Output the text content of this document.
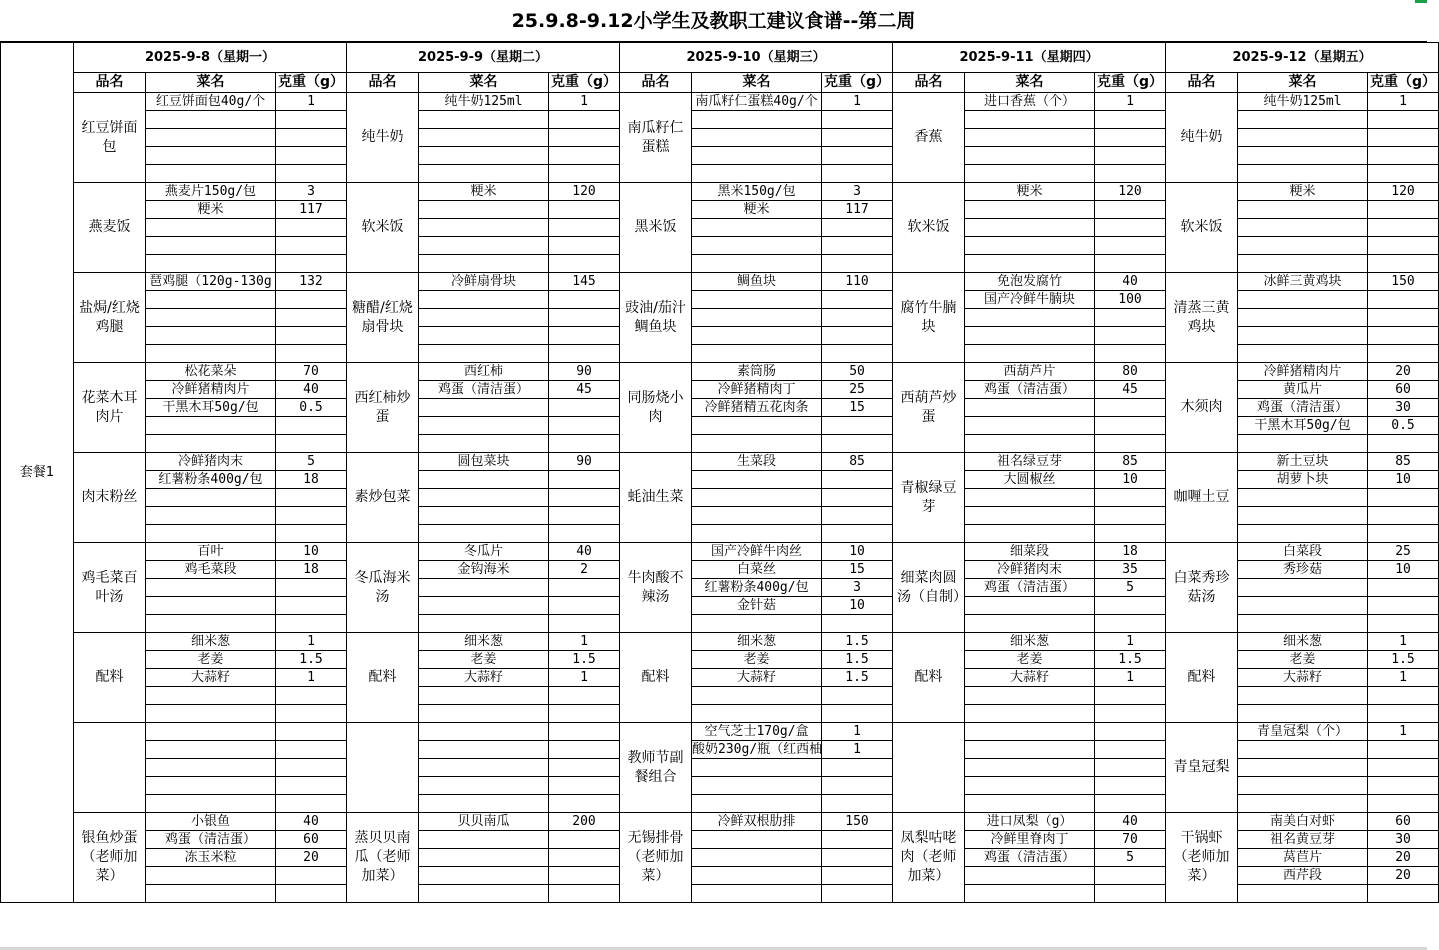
25.9.8-9.12小学生及教职工建议食谱--第二周
套餐1	2025-9-8（星期一）			2025-9-9（星期二）			2025-9-10（星期三）			2025-9-11（星期四）			2025-9-12（星期五）		
	品名	菜名	克重（g）	品名	菜名	克重（g）	品名	菜名	克重（g）	品名	菜名	克重（g）	品名	菜名	克重（g）
	红豆饼面包	红豆饼面包40g/个	1	纯牛奶	纯牛奶125ml	1	南瓜籽仁蛋糕	南瓜籽仁蛋糕40g/个	1	香蕉	进口香蕉（个）	1	纯牛奶	纯牛奶125ml	1

	燕麦饭	燕麦片150g/包	3	软米饭	粳米	120	黑米饭	黑米150g/包	3	软米饭	粳米	120	软米饭	粳米	120
		粳米	117					粳米	117						

	盐焗/红烧鸡腿	琶鸡腿（120g-130g	132	糖醋/红烧扇骨块	冷鲜扇骨块	145	豉油/茄汁鲷鱼块	鲷鱼块	110	腐竹牛腩块	免泡发腐竹	40	清蒸三黄鸡块	冰鲜三黄鸡块	150
											国产冷鲜牛腩块	100			

	花菜木耳肉片	松花菜朵	70	西红柿炒蛋	西红柿	90	同肠烧小肉	素筒肠	50	西葫芦炒蛋	西葫芦片	80	木须肉	冷鲜猪精肉片	20
		冷鲜猪精肉片	40		鸡蛋（清洁蛋）	45		冷鲜猪精肉丁	25		鸡蛋（清洁蛋）	45		黄瓜片	60
		干黑木耳50g/包	0.5					冷鲜猪精五花肉条	15					鸡蛋（清洁蛋）	30
														干黑木耳50g/包	0.5

	肉末粉丝	冷鲜猪肉末	5	素炒包菜	圆包菜块	90	蚝油生菜	生菜段	85	青椒绿豆芽	祖名绿豆芽	85	咖喱土豆	新土豆块	85
		红薯粉条400g/包	18								大圆椒丝	10		胡萝卜块	10

	鸡毛菜百叶汤	百叶	10	冬瓜海米汤	冬瓜片	40	牛肉酸不辣汤	国产冷鲜牛肉丝	10	细菜肉圆汤（自制）	细菜段	18	白菜秀珍菇汤	白菜段	25
		鸡毛菜段	18		金钩海米	2		白菜丝	15		冷鲜猪肉末	35		秀珍菇	10
								红薯粉条400g/包	3		鸡蛋（清洁蛋）	5			
								金针菇	10						

	配料	细米葱	1	配料	细米葱	1	配料	细米葱	1.5	配料	细米葱	1	配料	细米葱	1
		老姜	1.5		老姜	1.5		老姜	1.5		老姜	1.5		老姜	1.5
		大蒜籽	1		大蒜籽	1		大蒜籽	1.5		大蒜籽	1		大蒜籽	1

							教师节副餐组合	空气芝士170g/盒	1				青皇冠梨	青皇冠梨（个）	1
								酸奶230g/瓶（红西柚	1						

	银鱼炒蛋（老师加菜）	小银鱼	40	蒸贝贝南瓜（老师加菜）	贝贝南瓜	200	无锡排骨（老师加菜）	冷鲜双根肋排	150	凤梨咕咾肉（老师加菜）	进口凤梨（g）	40	干锅虾（老师加菜）	南美白对虾	60
		鸡蛋（清洁蛋）	60								冷鲜里脊肉丁	70		祖名黄豆芽	30
		冻玉米粒	20								鸡蛋（清洁蛋）	5		莴苣片	20
														西芹段	20
